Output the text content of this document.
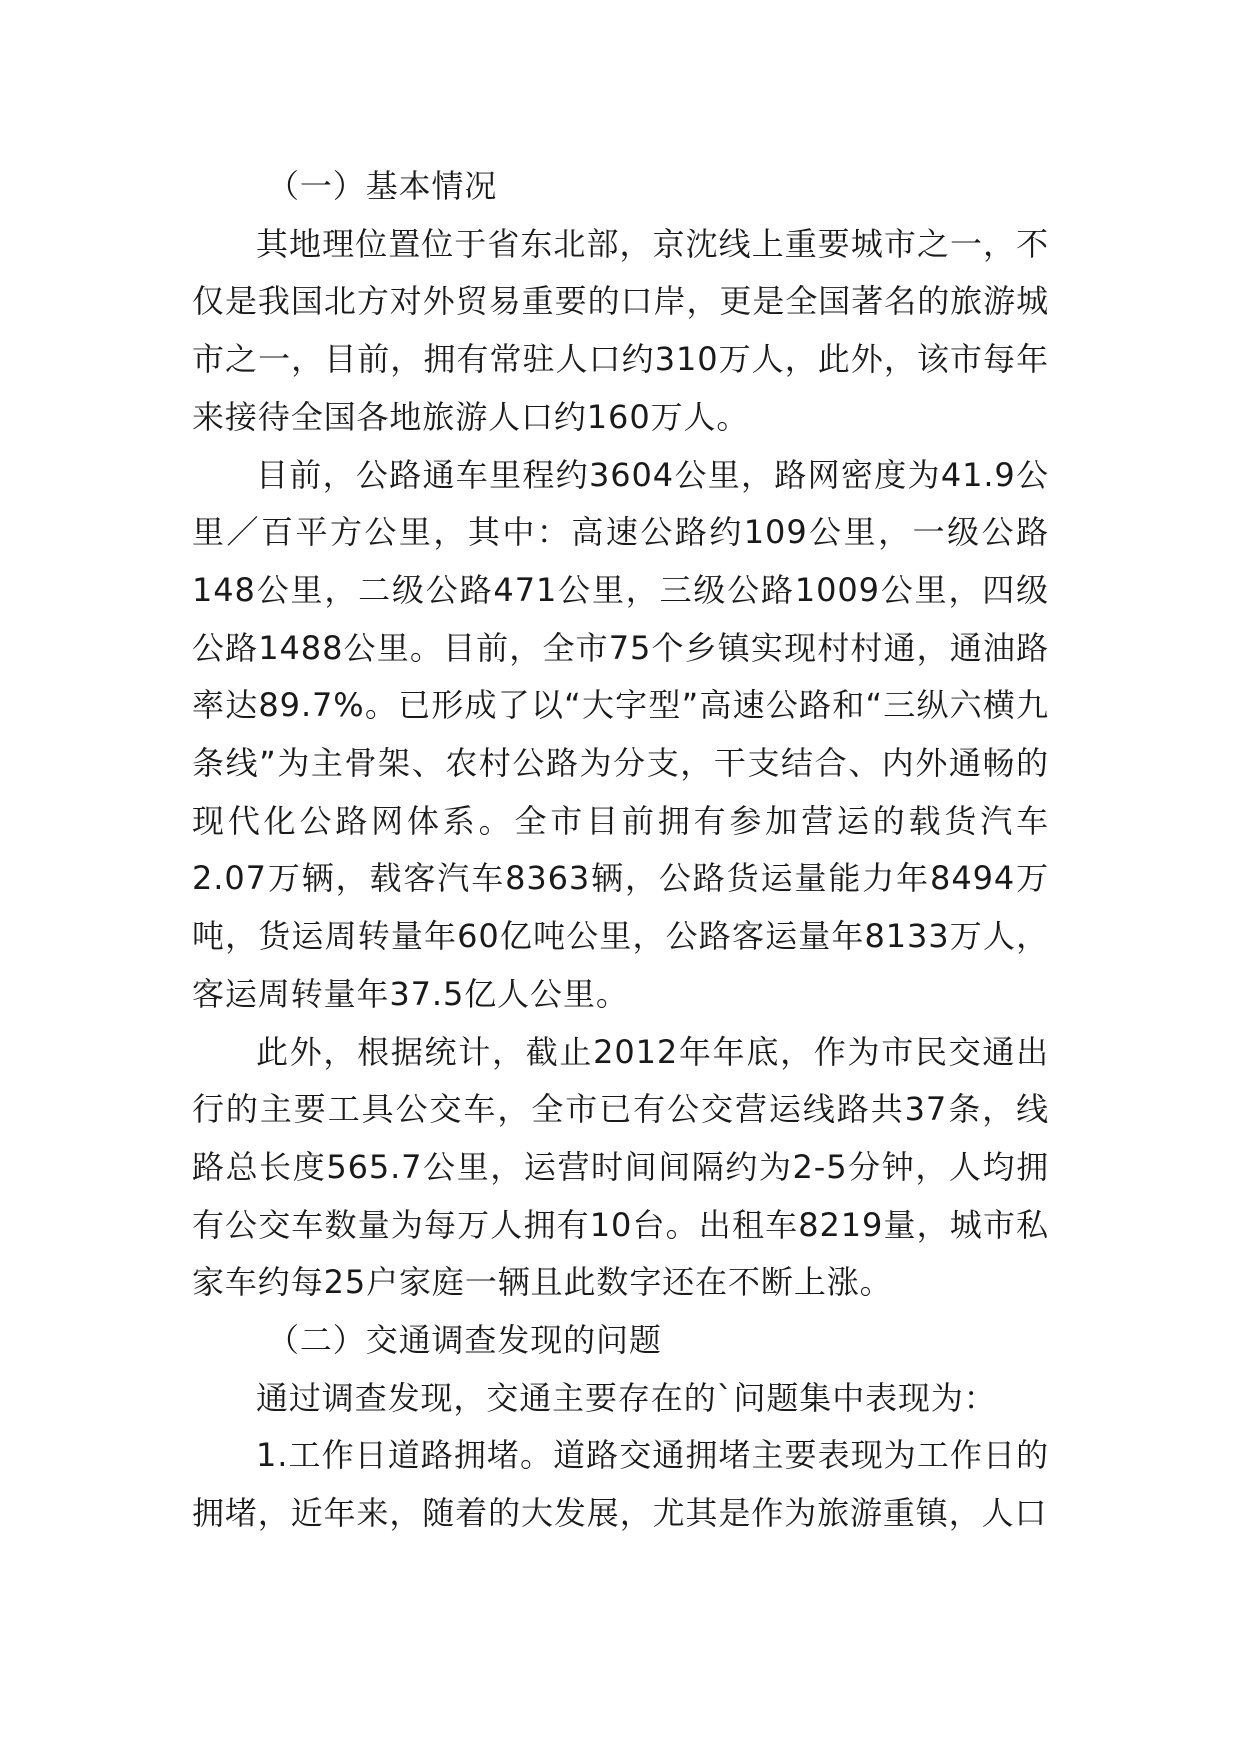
（一）基本情况

其地理位置位于省东北部，京沈线上重要城市之一，不仅是我国北方对外贸易重要的口岸，更是全国著名的旅游城市之一，目前，拥有常驻人口约310万人，此外，该市每年来接待全国各地旅游人口约160万人。

目前，公路通车里程约3604公里，路网密度为41.9公里／百平方公里，其中：高速公路约109公里，一级公路148公里，二级公路471公里，三级公路1009公里，四级公路1488公里。目前，全市75个乡镇实现村村通，通油路率达89.7%。已形成了以“大字型”高速公路和“三纵六横九条线”为主骨架、农村公路为分支，干支结合、内外通畅的现代化公路网体系。全市目前拥有参加营运的载货汽车2.07万辆，载客汽车8363辆，公路货运量能力年8494万吨，货运周转量年60亿吨公里，公路客运量年8133万人，客运周转量年37.5亿人公里。

此外，根据统计，截止2012年年底，作为市民交通出行的主要工具公交车，全市已有公交营运线路共37条，线路总长度565.7公里，运营时间间隔约为2-5分钟，人均拥有公交车数量为每万人拥有10台。出租车8219量，城市私家车约每25户家庭一辆且此数字还在不断上涨。

（二）交通调查发现的问题

通过调查发现，交通主要存在的`问题集中表现为：

1.工作日道路拥堵。道路交通拥堵主要表现为工作日的拥堵，近年来，随着的大发展，尤其是作为旅游重镇，人口
